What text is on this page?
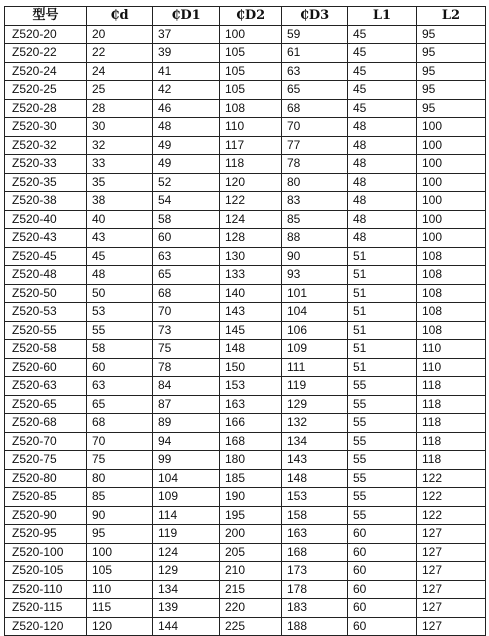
型号	₵d	₵D1	₵D2	₵D3	L1	L2
Z520-20	20	37	100	59	45	95
Z520-22	22	39	105	61	45	95
Z520-24	24	41	105	63	45	95
Z520-25	25	42	105	65	45	95
Z520-28	28	46	108	68	45	95
Z520-30	30	48	110	70	48	100
Z520-32	32	49	117	77	48	100
Z520-33	33	49	118	78	48	100
Z520-35	35	52	120	80	48	100
Z520-38	38	54	122	83	48	100
Z520-40	40	58	124	85	48	100
Z520-43	43	60	128	88	48	100
Z520-45	45	63	130	90	51	108
Z520-48	48	65	133	93	51	108
Z520-50	50	68	140	101	51	108
Z520-53	53	70	143	104	51	108
Z520-55	55	73	145	106	51	108
Z520-58	58	75	148	109	51	110
Z520-60	60	78	150	111	51	110
Z520-63	63	84	153	119	55	118
Z520-65	65	87	163	129	55	118
Z520-68	68	89	166	132	55	118
Z520-70	70	94	168	134	55	118
Z520-75	75	99	180	143	55	118
Z520-80	80	104	185	148	55	122
Z520-85	85	109	190	153	55	122
Z520-90	90	114	195	158	55	122
Z520-95	95	119	200	163	60	127
Z520-100	100	124	205	168	60	127
Z520-105	105	129	210	173	60	127
Z520-110	110	134	215	178	60	127
Z520-115	115	139	220	183	60	127
Z520-120	120	144	225	188	60	127
